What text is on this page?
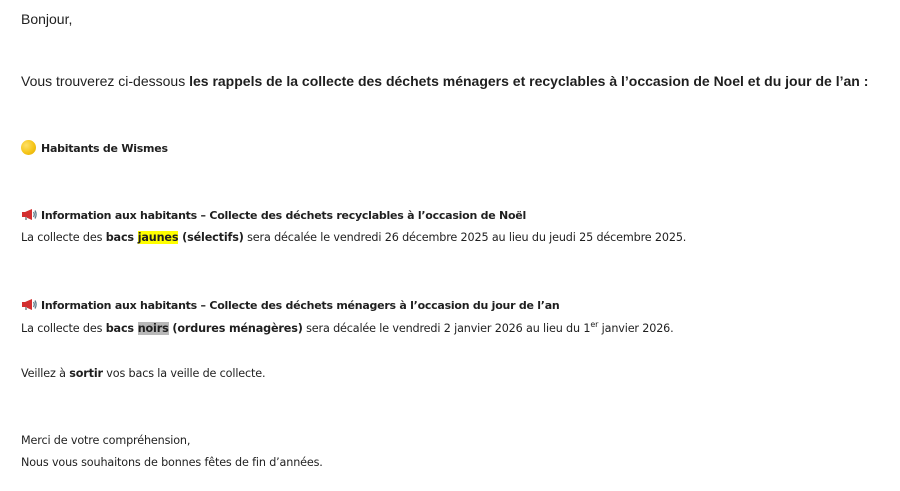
Bonjour,
Vous trouverez ci-dessous les rappels de la collecte des déchets ménagers et recyclables à l’occasion de Noel et du jour de l’an :
Habitants de Wismes
Information aux habitants – Collecte des déchets recyclables à l’occasion de Noël
La collecte des bacs jaunes (sélectifs) sera décalée le vendredi 26 décembre 2025 au lieu du jeudi 25 décembre 2025.
Information aux habitants – Collecte des déchets ménagers à l’occasion du jour de l’an
La collecte des bacs noirs (ordures ménagères) sera décalée le vendredi 2 janvier 2026 au lieu du 1er janvier 2026.
Veillez à sortir vos bacs la veille de collecte.
Merci de votre compréhension,
Nous vous souhaitons de bonnes fêtes de fin d’années.
